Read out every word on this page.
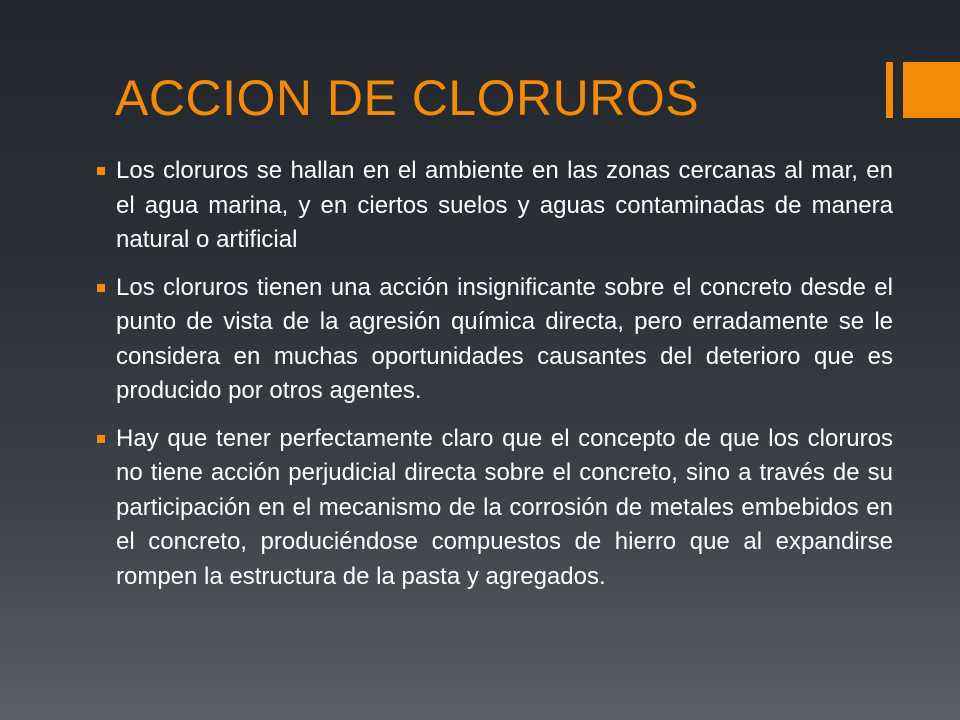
ACCION DE CLORUROS
Los cloruros se hallan en el ambiente en las zonas cercanas al mar, en el agua marina, y en ciertos suelos y aguas contaminadas de manera natural o artificial
Los cloruros tienen una acción insignificante sobre el concreto desde el punto de vista de la agresión química directa, pero erradamente se le considera en muchas oportunidades causantes del deterioro que es producido por otros agentes.
Hay que tener perfectamente claro que el concepto de que los cloruros no tiene acción perjudicial directa sobre el concreto, sino a través de su participación en el mecanismo de la corrosión de metales embebidos en el concreto, produciéndose compuestos de hierro que al expandirse rompen la estructura de la pasta y agregados.
